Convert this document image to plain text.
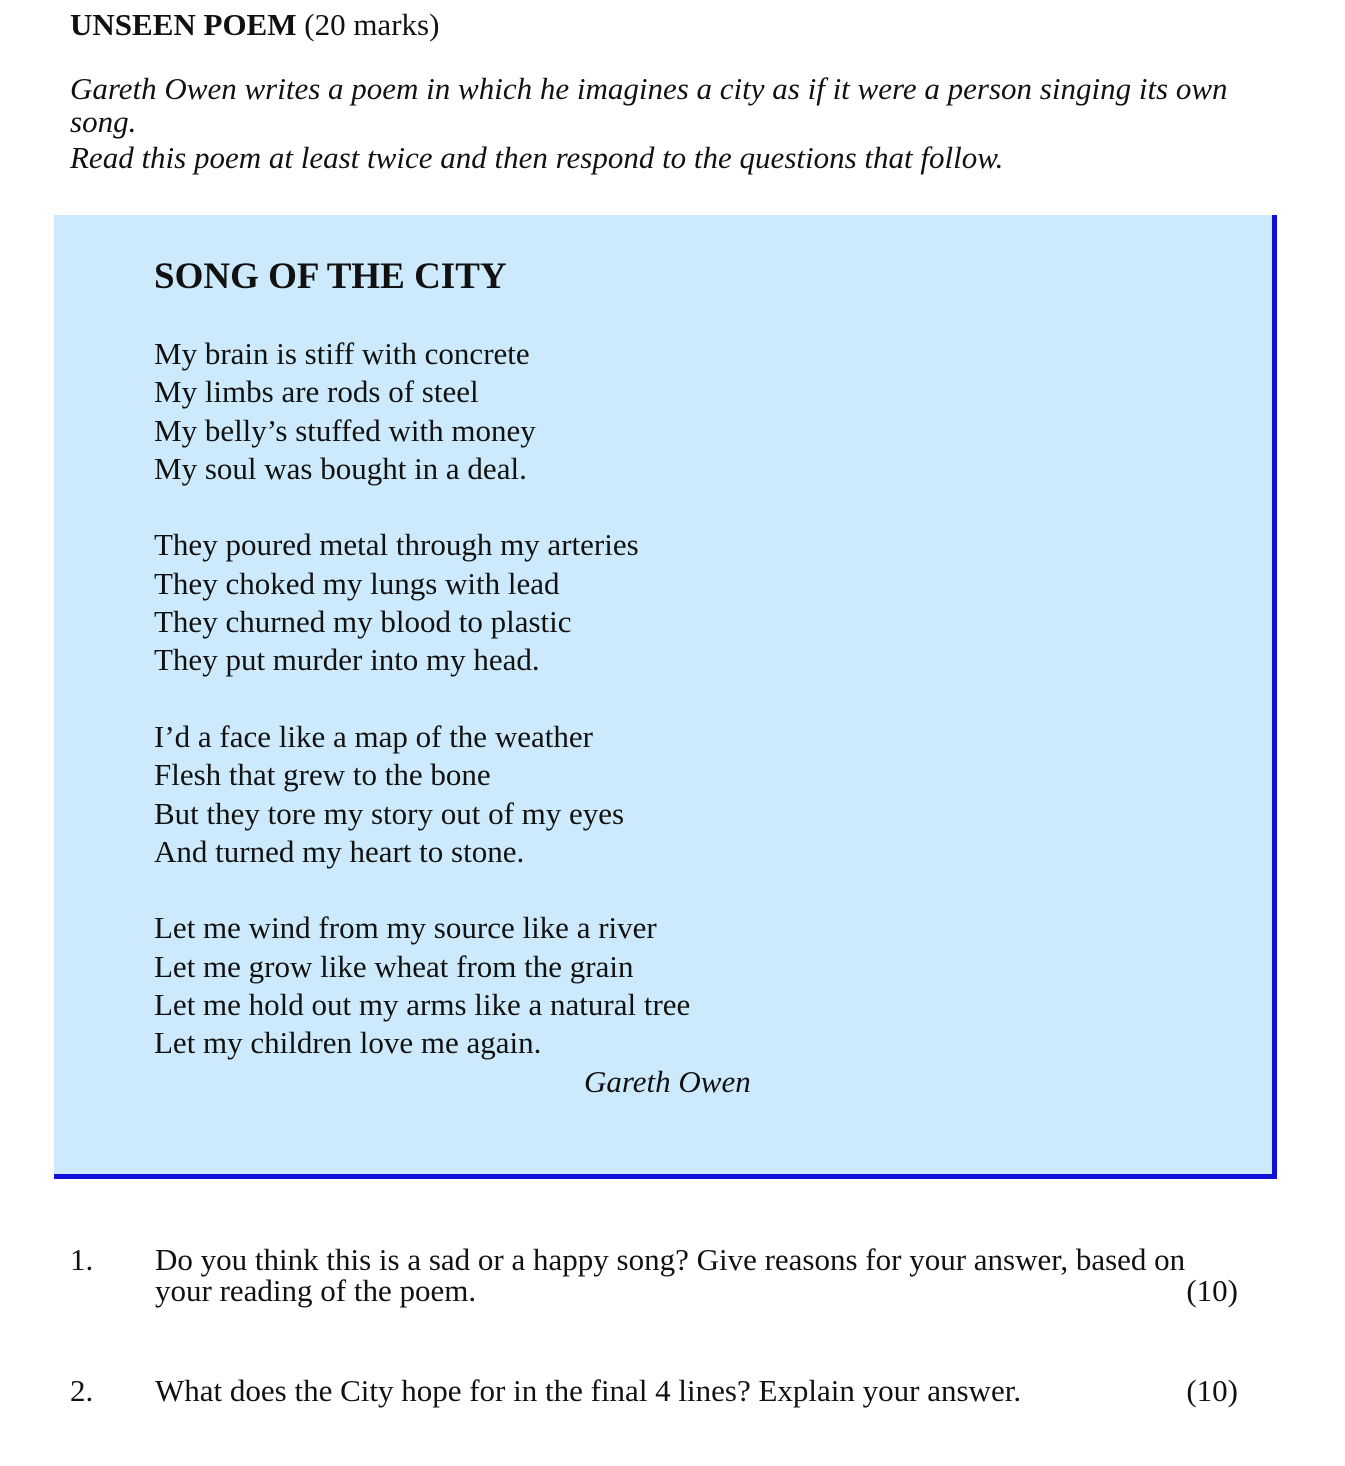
UNSEEN POEM (20 marks)

Gareth Owen writes a poem in which he imagines a city as if it were a person singing its own song.

Read this poem at least twice and then respond to the questions that follow.

SONG OF THE CITY
My brain is stiff with concrete
My limbs are rods of steel
My belly’s stuffed with money
My soul was bought in a deal.
They poured metal through my arteries
They choked my lungs with lead
They churned my blood to plastic
They put murder into my head.
I’d a face like a map of the weather
Flesh that grew to the bone
But they tore my story out of my eyes
And turned my heart to stone.
Let me wind from my source like a river
Let me grow like wheat from the grain
Let me hold out my arms like a natural tree
Let my children love me again.
Gareth Owen
1. Do you think this is a sad or a happy song? Give reasons for your answer, based on
your reading of the poem.	(10)
2. What does the City hope for in the final 4 lines? Explain your answer.	(10)
